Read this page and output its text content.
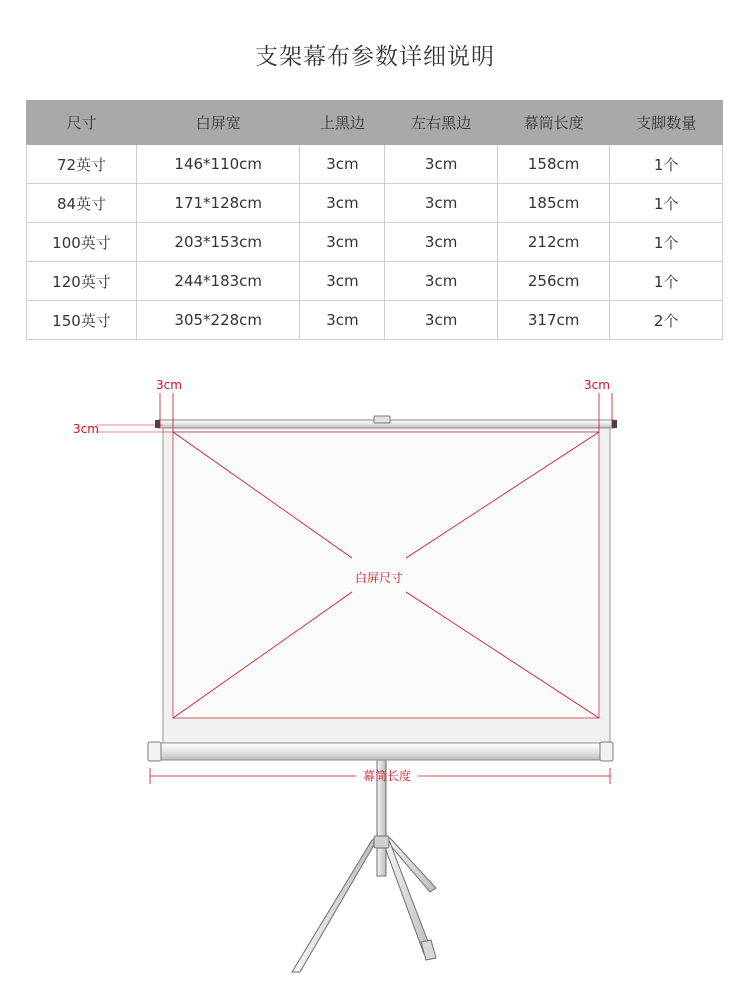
支架幕布参数详细说明
尺寸	白屏宽	上黑边	左右黑边	幕筒长度	支脚数量
72英寸	146*110cm	3cm	3cm	158cm	1个
84英寸	171*128cm	3cm	3cm	185cm	1个
100英寸	203*153cm	3cm	3cm	212cm	1个
120英寸	244*183cm	3cm	3cm	256cm	1个
150英寸	305*228cm	3cm	3cm	317cm	2个
3cm	3cm
3cm
白屏尺寸
幕筒长度
